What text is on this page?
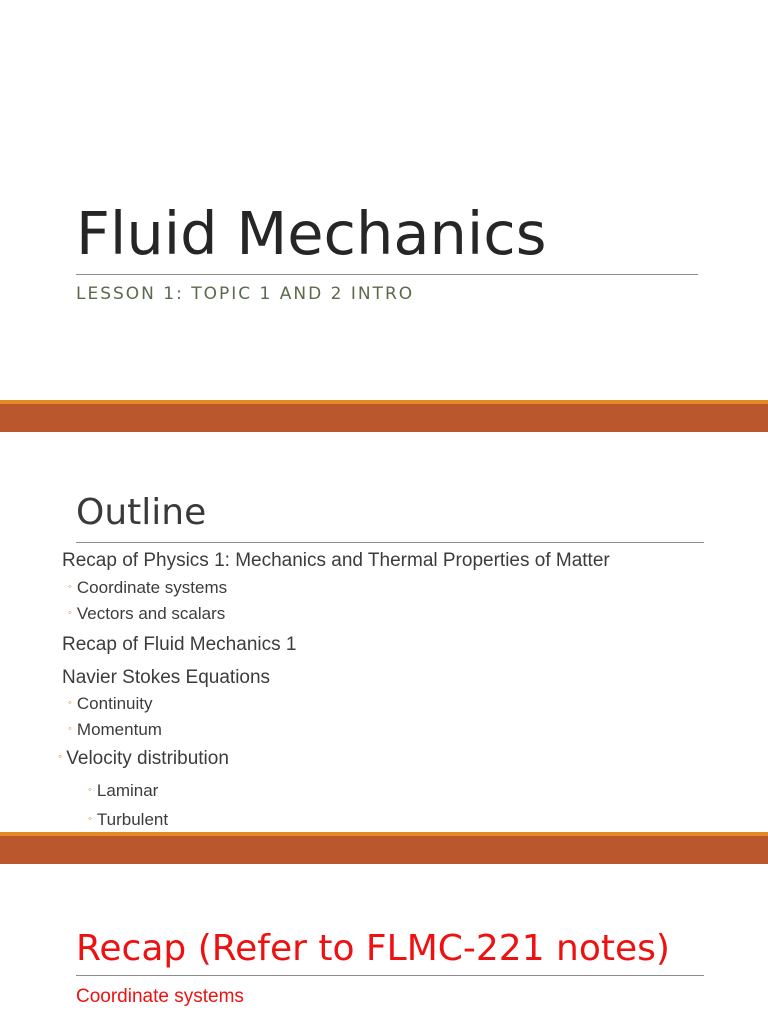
Fluid Mechanics
LESSON 1: TOPIC 1 AND 2 INTRO
Outline
Recap of Physics 1: Mechanics and Thermal Properties of Matter
◦ Coordinate systems
◦ Vectors and scalars
Recap of Fluid Mechanics 1
Navier Stokes Equations
◦ Continuity
◦ Momentum
◦ Velocity distribution
◦ Laminar
◦ Turbulent
Recap (Refer to FLMC-221 notes)
Coordinate systems
